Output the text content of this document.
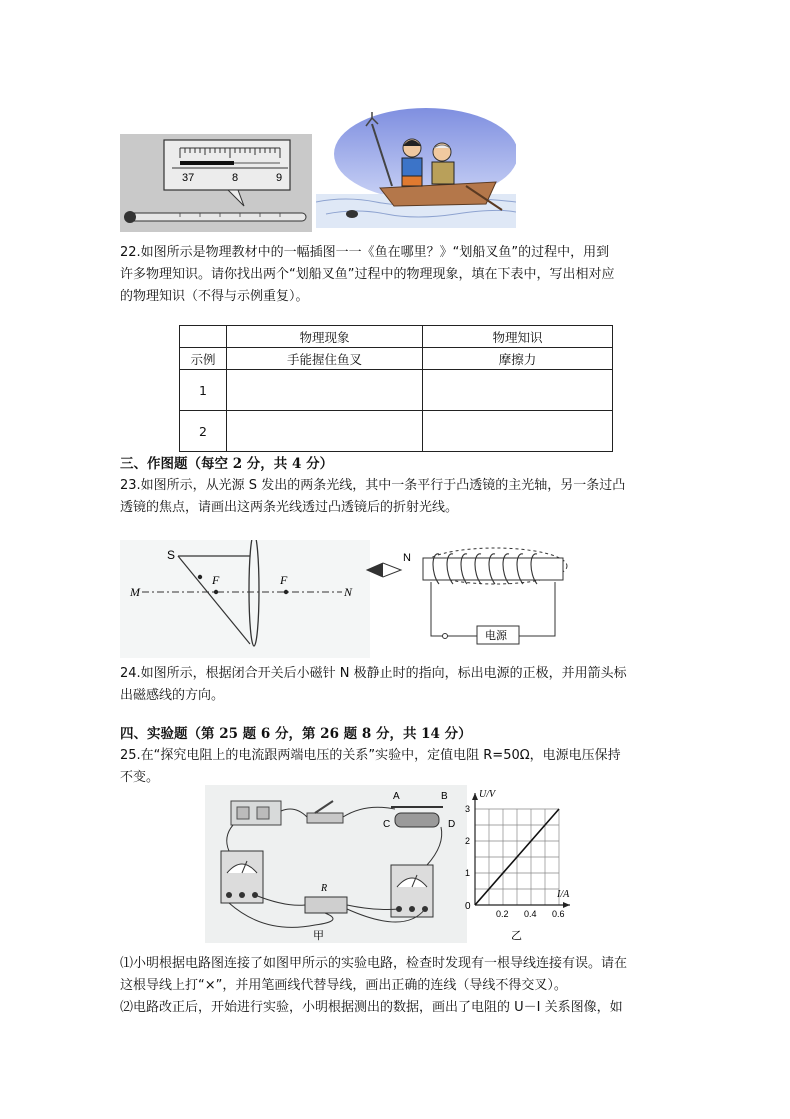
37	8	9
22.如图所示是物理教材中的一幅插图一一《鱼在哪里？》“划船叉鱼”的过程中，用到
许多物理知识。请你找出两个“划船叉鱼”过程中的物理现象，填在下表中，写出相对应
的物理知识（不得与示例重复）。
	物理现象	物理知识
示例	手能握住鱼叉	摩擦力
1		
2		
三、作图题（每空 2 分，共 4 分）
23.如图所示，从光源 S 发出的两条光线，其中一条平行于凸透镜的主光轴，另一条过凸
透镜的焦点，请画出这两条光线透过凸透镜后的折射光线。
M	N
S
F	F
N
电源
24.如图所示，根据闭合开关后小磁针 N 极静止时的指向，标出电源的正极，并用箭头标
出磁感线的方向。
四、实验题（第 25 题 6 分，第 26 题 8 分，共 14 分）
25.在“探究电阻上的电流跟两端电压的关系”实验中，定值电阻 R=50Ω，电源电压保持
不变。
A	B
C	D
R
甲
U/V
I/A
0
0.2 0.4 0.6
1
2
3
乙
⑴小明根据电路图连接了如图甲所示的实验电路，检查时发现有一根导线连接有误。请在
这根导线上打“×”，并用笔画线代替导线，画出正确的连线（导线不得交叉）。
⑵电路改正后，开始进行实验，小明根据测出的数据，画出了电阻的 U－I 关系图像，如
